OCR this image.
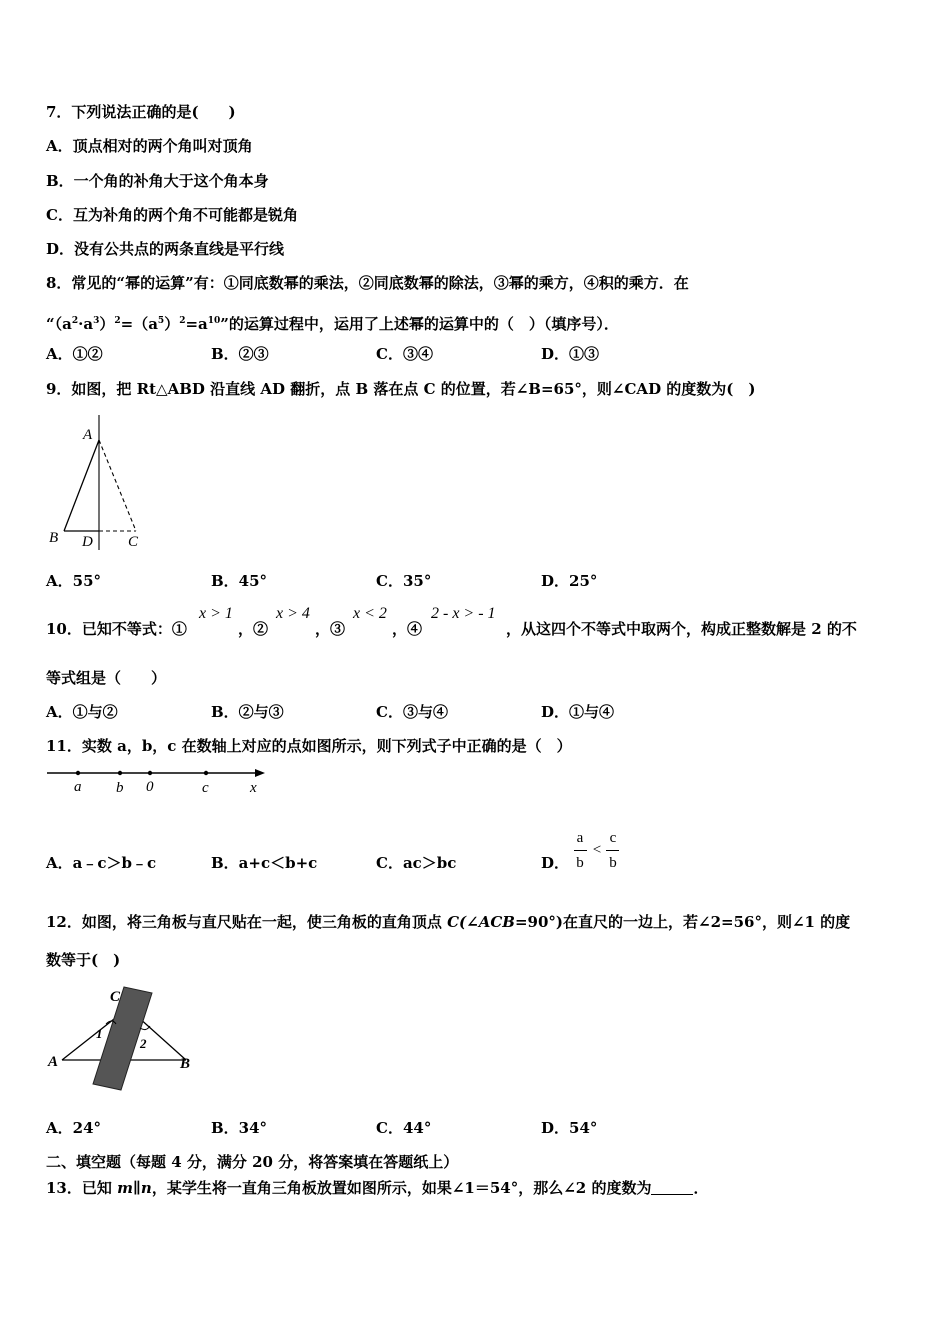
7．下列说法正确的是(　　)
A．顶点相对的两个角叫对顶角
B．一个角的补角大于这个角本身
C．互为补角的两个角不可能都是锐角
D．没有公共点的两条直线是平行线
8．常见的“幂的运算”有：①同底数幂的乘法，②同底数幂的除法，③幂的乘方，④积的乘方．在
“$(a^2\cdot a^3)^2=(a^5)^2=a^{10}$”的运算过程中，运用了上述幂的运算中的（　）（填序号）．
A．①②	B．②③	C．③④	D．①③
9．如图，把 Rt△ABD 沿直线 AD 翻折，点 B 落在点 C 的位置，若∠B=65°，则∠CAD 的度数为(　)
A
B D C
A．55°	B．45°	C．35°	D．25°
10．已知不等式：①
x > 1
，②
x > 4
，③
x < 2
，④
2 - x > - 1
，从这四个不等式中取两个，构成正整数解是 2 的不
等式组是（　　）
A．①与②	B．②与③	C．③与④	D．①与④
11．实数 a，b，c 在数轴上对应的点如图所示，则下列式子中正确的是（　）
a b 0	c	x
A．a﹣c＞b﹣c	B．a+c＜b+c	C．ac＞bc	D．
a
b
<
c
b
12．如图，将三角板与直尺贴在一起，使三角板的直角顶点 C(∠ACB=90°)在直尺的一边上，若∠2=56°，则∠1 的度
数等于(　)
C
1
2
A	B
A．24°	B．34°	C．44°	D．54°
二、填空题（每题 4 分，满分 20 分，将答案填在答题纸上）
13．已知 m∥n，某学生将一直角三角板放置如图所示，如果∠1＝54°，那么∠2 的度数为	．
